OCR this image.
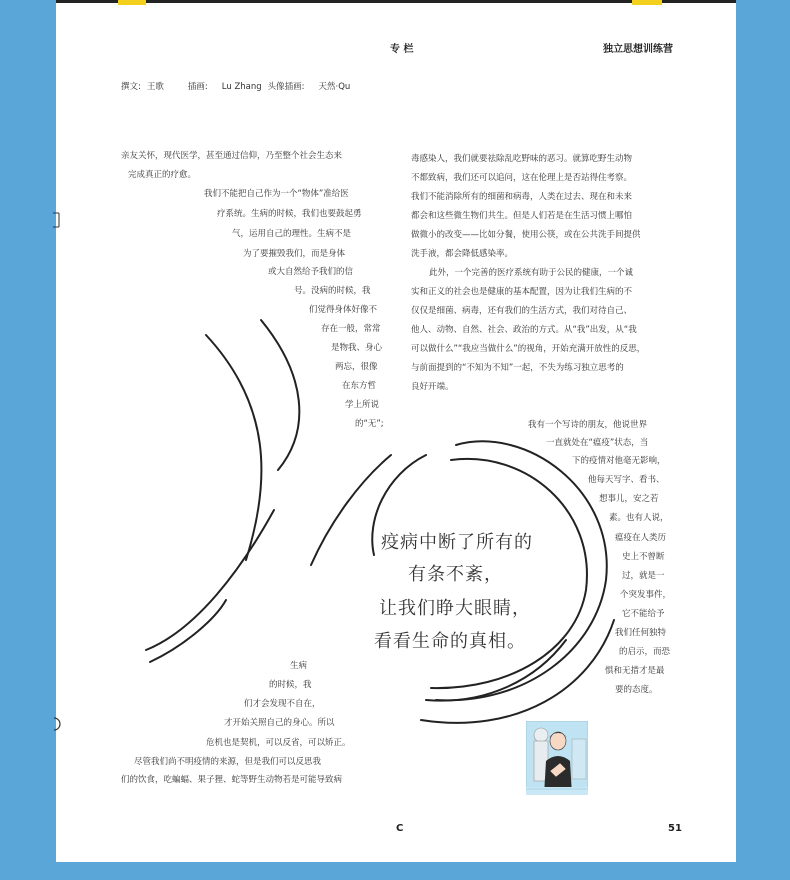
专 栏	独立思想训练营
撰文: 王歌	插画: Lu Zhang 头像插画: 天然·Qu
亲友关怀，现代医学，甚至通过信仰，乃至整个社会生态来
完成真正的疗愈。
我们不能把自己作为一个“物体”准给医
疗系统。生病的时候，我们也要鼓起勇
气，运用自己的理性。生病不是
为了要摧毁我们，而是身体
或大自然给予我们的信
号。没病的时候，我
们觉得身体好像不
存在一般，常常
是物我、身心
两忘，很像
在东方哲
学上所说
的“无”;
毒感染人，我们就要祛除乱吃野味的恶习。就算吃野生动物
不都致病，我们还可以追问，这在伦理上是否站得住考察。
我们不能消除所有的细菌和病毒，人类在过去、现在和未来
都会和这些微生物们共生。但是人们若是在生活习惯上哪怕
做微小的改变——比如分餐，使用公筷，或在公共洗手间提供
洗手液，都会降低感染率。
此外，一个完善的医疗系统有助于公民的健康，一个诚
实和正义的社会也是健康的基本配置，因为让我们生病的不
仅仅是细菌、病毒，还有我们的生活方式，我们对待自己、
他人、动物、自然、社会、政治的方式。从“我”出发，从“我
可以做什么”“我应当做什么”的视角，开始充满开放性的反思，
与前面提到的“不知为不知”一起，不失为练习独立思考的
良好开端。
我有一个写诗的朋友，他说世界
一直就处在“瘟疫”状态，当
下的疫情对他毫无影响，
他每天写字、看书、
想事儿，安之若
素。也有人说，
瘟疫在人类历
史上不曾断
过，就是一
个突发事件，
它不能给予
我们任何独特
的启示，而恐
惧和无措才是最
要的态度。
疫病中断了所有的
有条不紊，
让我们睁大眼睛，
看看生命的真相。
生病
的时候，我
们才会发现不自在，
才开始关照自己的身心。所以
危机也是契机，可以反省，可以矫正。
尽管我们尚不明疫情的来源，但是我们可以反思我
们的饮食，吃蝙蝠、果子狸、蛇等野生动物若是可能导致病
C	51
